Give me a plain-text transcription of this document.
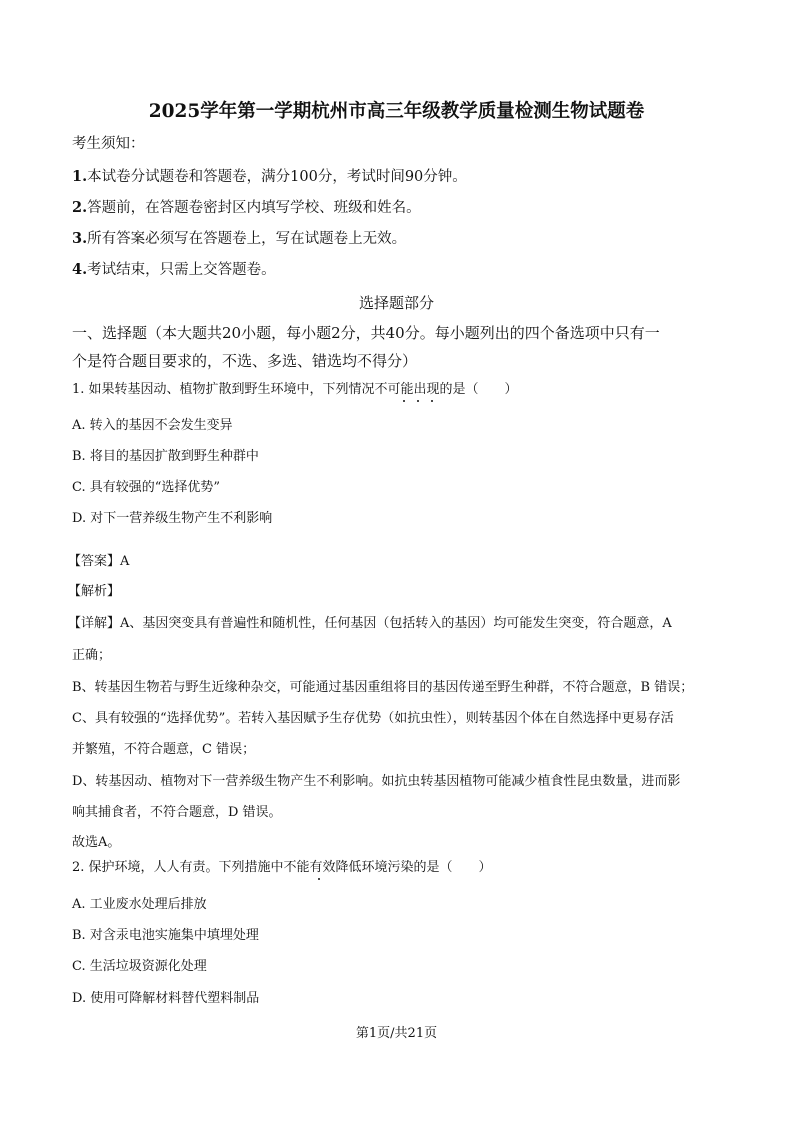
2025学年第一学期杭州市高三年级教学质量检测生物试题卷
考生须知：
1.本试卷分试题卷和答题卷，满分100分，考试时间90分钟。
2.答题前，在答题卷密封区内填写学校、班级和姓名。
3.所有答案必须写在答题卷上，写在试题卷上无效。
4.考试结束，只需上交答题卷。
选择题部分
一、选择题（本大题共20小题，每小题2分，共40分。每小题列出的四个备选项中只有一
个是符合题目要求的，不选、多选、错选均不得分）
1. 如果转基因动、植物扩散到野生环境中，下列情况不可能出现的是（　　）
A. 转入的基因不会发生变异
B. 将目的基因扩散到野生种群中
C. 具有较强的“选择优势”
D. 对下一营养级生物产生不利影响
【答案】A
【解析】
【详解】A、基因突变具有普遍性和随机性，任何基因（包括转入的基因）均可能发生突变，符合题意，A
正确；
B、转基因生物若与野生近缘种杂交，可能通过基因重组将目的基因传递至野生种群，不符合题意，B 错误；
C、具有较强的“选择优势”。若转入基因赋予生存优势（如抗虫性），则转基因个体在自然选择中更易存活
并繁殖，不符合题意，C 错误；
D、转基因动、植物对下一营养级生物产生不利影响。如抗虫转基因植物可能减少植食性昆虫数量，进而影
响其捕食者，不符合题意，D 错误。
故选A。
2. 保护环境，人人有责。下列措施中不能有效降低环境污染的是（　　）
A. 工业废水处理后排放
B. 对含汞电池实施集中填埋处理
C. 生活垃圾资源化处理
D. 使用可降解材料替代塑料制品
第1页/共21页
